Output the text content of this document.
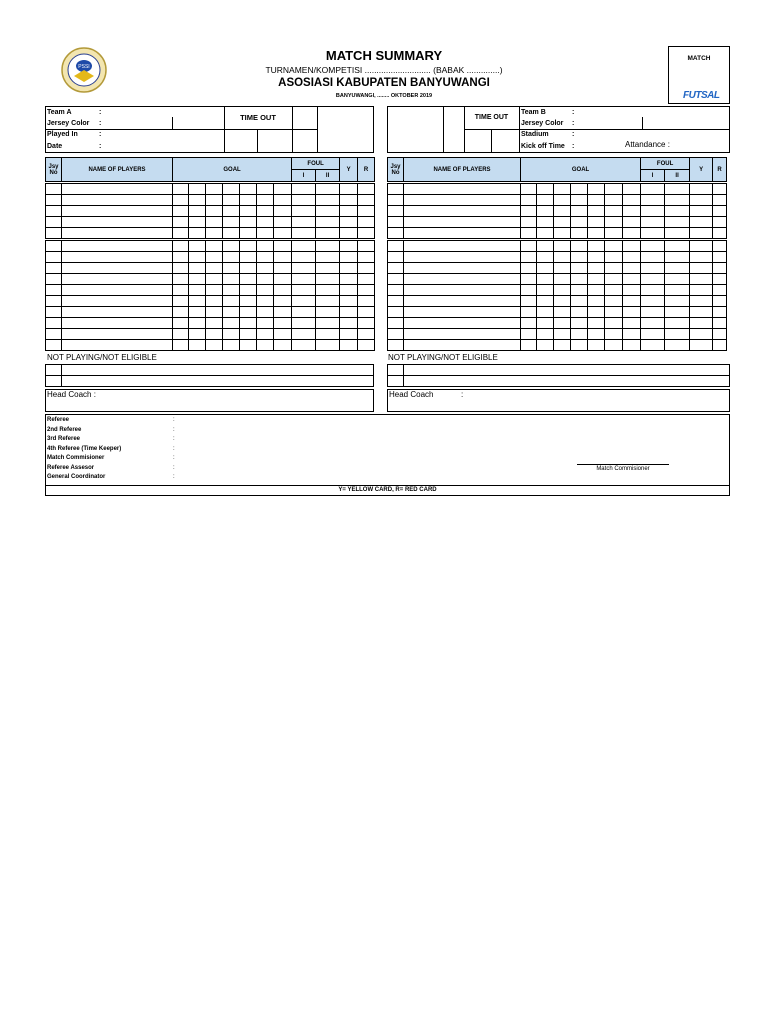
PSSI
MATCH SUMMARY
TURNAMEN/KOMPETISI ............................ (BABAK ..............)
ASOSIASI KABUPATEN BANYUWANGI
BANYUWANGI, ........ OKTOBER 2019
MATCH
FUTSAL
TIME OUT
Team A	:
Jersey Color :
Played In	:
Date	:
TIME OUT
Team B	:
Jersey Color :
Stadium	:
Kick off Time :	Attandance :
Jsy No	NAME OF PLAYERS	GOAL	FOUL		Y	R
			I	II		

Jsy No	NAME OF PLAYERS	GOAL	FOUL		Y	R
			I	II		

NOT PLAYING/NOT ELIGIBLE	NOT PLAYING/NOT ELIGIBLE
Head Coach :	Head Coach	:
Referee	:
2nd Referee	:
3rd Referee	:
4th Referee (Time Keeper)	:
Match Commisioner	:
Referee Assesor	:
General Coordinator	:
Match Commisioner
Y= YELLOW CARD, R= RED CARD
